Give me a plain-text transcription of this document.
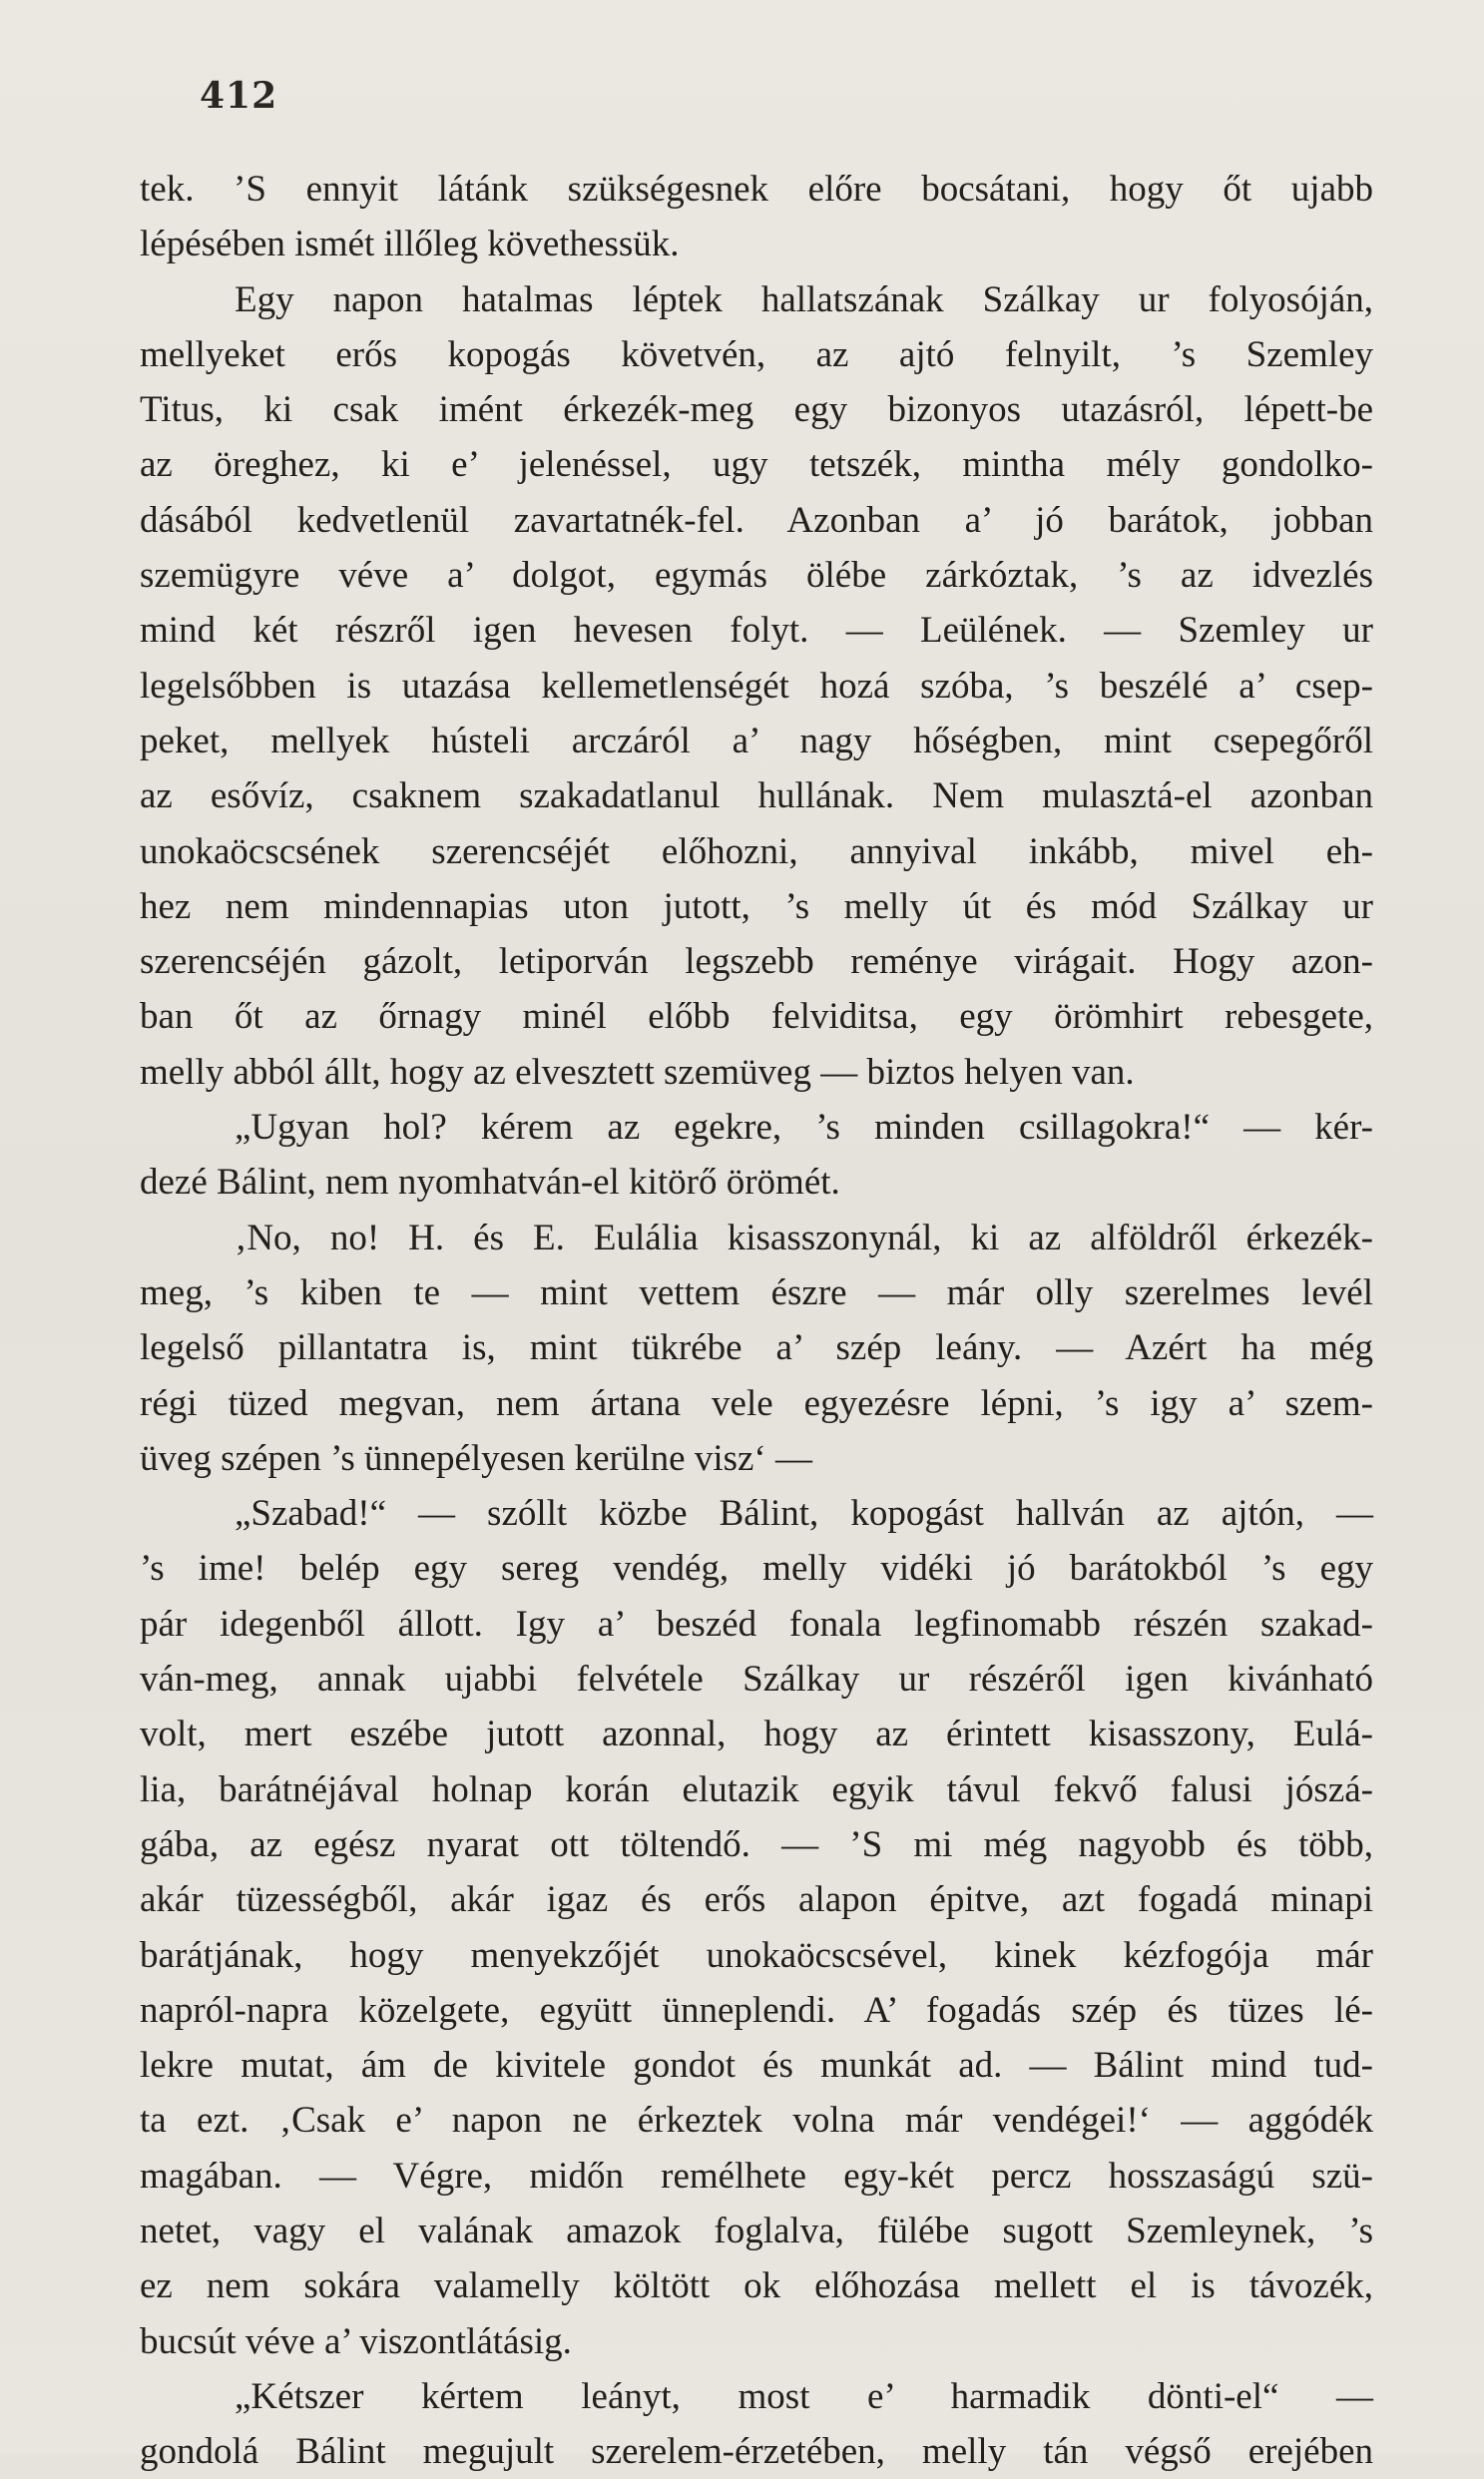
412
tek. ’S ennyit látánk szükségesnek előre bocsátani, hogy őt ujabb
lépésében ismét illőleg követhessük.
Egy napon hatalmas léptek hallatszának Szálkay ur folyosóján,
mellyeket erős kopogás követvén, az ajtó felnyilt, ’s Szemley
Titus, ki csak imént érkezék-meg egy bizonyos utazásról, lépett-be
az öreghez, ki e’ jelenéssel, ugy tetszék, mintha mély gondolko-
dásából kedvetlenül zavartatnék-fel. Azonban a’ jó barátok, jobban
szemügyre véve a’ dolgot, egymás ölébe zárkóztak, ’s az idvezlés
mind két részről igen hevesen folyt. — Leülének. — Szemley ur
legelsőbben is utazása kellemetlenségét hozá szóba, ’s beszélé a’ csep-
peket, mellyek hústeli arczáról a’ nagy hőségben, mint csepegőről
az esővíz, csaknem szakadatlanul hullának. Nem mulasztá-el azonban
unokaöcscsének szerencséjét előhozni, annyival inkább, mivel eh-
hez nem mindennapias uton jutott, ’s melly út és mód Szálkay ur
szerencséjén gázolt, letiporván legszebb reménye virágait. Hogy azon-
ban őt az őrnagy minél előbb felviditsa, egy örömhirt rebesgete,
melly abból állt, hogy az elvesztett szemüveg — biztos helyen van.
„Ugyan hol? kérem az egekre, ’s minden csillagokra!“ — kér-
dezé Bálint, nem nyomhatván-el kitörő örömét.
‚No, no! H. és E. Eulália kisasszonynál, ki az alföldről érkezék-
meg, ’s kiben te — mint vettem észre — már olly szerelmes levél
legelső pillantatra is, mint tükrébe a’ szép leány. — Azért ha még
régi tüzed megvan, nem ártana vele egyezésre lépni, ’s igy a’ szem-
üveg szépen ’s ünnepélyesen kerülne visz‘ —
„Szabad!“ — szóllt közbe Bálint, kopogást hallván az ajtón, —
’s ime! belép egy sereg vendég, melly vidéki jó barátokból ’s egy
pár idegenből állott. Igy a’ beszéd fonala legfinomabb részén szakad-
ván-meg, annak ujabbi felvétele Szálkay ur részéről igen kivánható
volt, mert eszébe jutott azonnal, hogy az érintett kisasszony, Eulá-
lia, barátnéjával holnap korán elutazik egyik távul fekvő falusi jószá-
gába, az egész nyarat ott töltendő. — ’S mi még nagyobb és több,
akár tüzességből, akár igaz és erős alapon épitve, azt fogadá minapi
barátjának, hogy menyekzőjét unokaöcscsével, kinek kézfogója már
napról-napra közelgete, együtt ünneplendi. A’ fogadás szép és tüzes lé-
lekre mutat, ám de kivitele gondot és munkát ad. — Bálint mind tud-
ta ezt. ‚Csak e’ napon ne érkeztek volna már vendégei!‘ — aggódék
magában. — Végre, midőn remélhete egy-két percz hosszaságú szü-
netet, vagy el valának amazok foglalva, fülébe sugott Szemleynek, ’s
ez nem sokára valamelly költött ok előhozása mellett el is távozék,
bucsút véve a’ viszontlátásig.
„Kétszer kértem leányt, most e’ harmadik dönti-el“ —
gondolá Bálint megujult szerelem-érzetében, melly tán végső erejében
